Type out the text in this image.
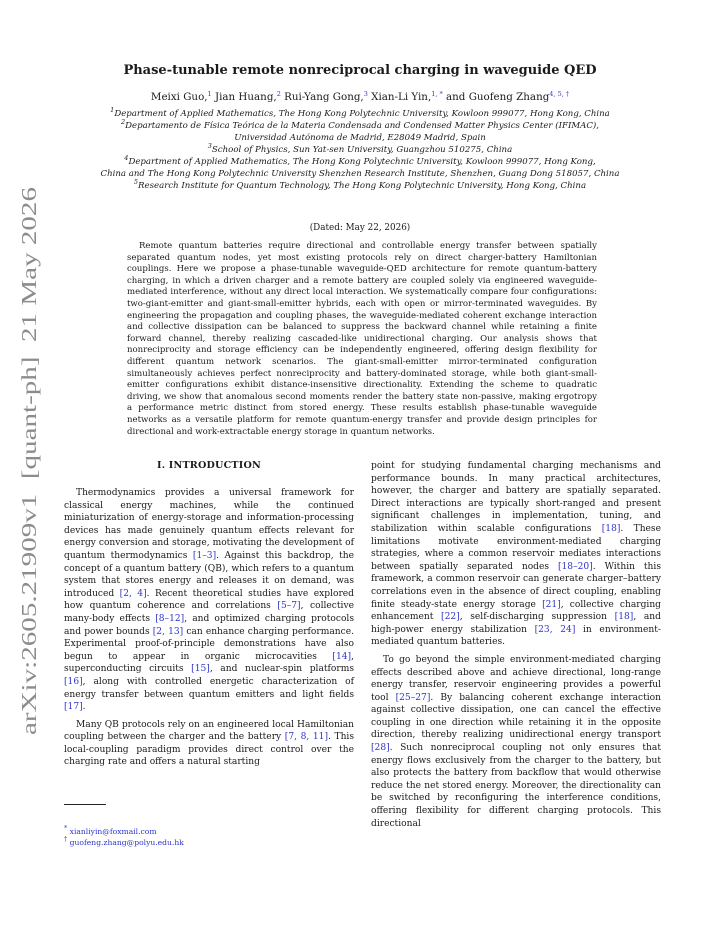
arXiv:2605.21909v1  [quant-ph]  21 May 2026
Phase-tunable remote nonreciprocal charging in waveguide QED
Meixi Guo,$^1$ Jian Huang,$^2$ Rui-Yang Gong,$^3$ Xian-Li Yin,$^{1, *}$ and Guofeng Zhang$^{4, 5, \dagger}$
$^1$Department of Applied Mathematics, The Hong Kong Polytechnic University, Kowloon 999077, Hong Kong, China
$^2$Departamento de Física Teórica de la Materia Condensada and Condensed Matter Physics Center (IFIMAC),
Universidad Autónoma de Madrid, E28049 Madrid, Spain
$^3$School of Physics, Sun Yat-sen University, Guangzhou 510275, China
$^4$Department of Applied Mathematics, The Hong Kong Polytechnic University, Kowloon 999077, Hong Kong,
China and The Hong Kong Polytechnic University Shenzhen Research Institute, Shenzhen, Guang Dong 518057, China
$^5$Research Institute for Quantum Technology, The Hong Kong Polytechnic University, Hong Kong, China
(Dated: May 22, 2026)
Remote quantum batteries require directional and controllable energy transfer between spatially separated quantum nodes, yet most existing protocols rely on direct charger-battery Hamiltonian couplings. Here we propose a phase-tunable waveguide-QED architecture for remote quantum-battery charging, in which a driven charger and a remote battery are coupled solely via engineered waveguide-mediated interference, without any direct local interaction. We systematically compare four configurations: two-giant-emitter and giant-small-emitter hybrids, each with open or mirror-terminated waveguides. By engineering the propagation and coupling phases, the waveguide-mediated coherent exchange interaction and collective dissipation can be balanced to suppress the backward channel while retaining a finite forward channel, thereby realizing cascaded-like unidirectional charging. Our analysis shows that nonreciprocity and storage efficiency can be independently engineered, offering design flexibility for different quantum network scenarios. The giant-small-emitter mirror-terminated configuration simultaneously achieves perfect nonreciprocity and battery-dominated storage, while both giant-small-emitter configurations exhibit distance-insensitive directionality. Extending the scheme to quadratic driving, we show that anomalous second moments render the battery state non-passive, making ergotropy a performance metric distinct from stored energy. These results establish phase-tunable waveguide networks as a versatile platform for remote quantum-energy transfer and provide design principles for directional and work-extractable energy storage in quantum networks.
I. INTRODUCTION

Thermodynamics provides a universal framework for classical energy machines, while the continued miniaturization of energy-storage and information-processing devices has made genuinely quantum effects relevant for energy conversion and storage, motivating the development of quantum thermodynamics [1–3]. Against this backdrop, the concept of a quantum battery (QB), which refers to a quantum system that stores energy and releases it on demand, was introduced [2, 4]. Recent theoretical studies have explored how quantum coherence and correlations [5–7], collective many-body effects [8–12], and optimized charging protocols and power bounds [2, 13] can enhance charging performance. Experimental proof-of-principle demonstrations have also begun to appear in organic microcavities [14], superconducting circuits [15], and nuclear-spin platforms [16], along with controlled energetic characterization of energy transfer between quantum emitters and light fields [17].

Many QB protocols rely on an engineered local Hamiltonian coupling between the charger and the battery [7, 8, 11]. This local-coupling paradigm provides direct control over the charging rate and offers a natural starting

point for studying fundamental charging mechanisms and performance bounds. In many practical architectures, however, the charger and battery are spatially separated. Direct interactions are typically short-ranged and present significant challenges in implementation, tuning, and stabilization within scalable configurations [18]. These limitations motivate environment-mediated charging strategies, where a common reservoir mediates interactions between spatially separated nodes [18–20]. Within this framework, a common reservoir can generate charger–battery correlations even in the absence of direct coupling, enabling finite steady-state energy storage [21], collective charging enhancement [22], self-discharging suppression [18], and high-power energy stabilization [23, 24] in environment-mediated quantum batteries.

To go beyond the simple environment-mediated charging effects described above and achieve directional, long-range energy transfer, reservoir engineering provides a powerful tool [25–27]. By balancing coherent exchange interaction against collective dissipation, one can cancel the effective coupling in one direction while retaining it in the opposite direction, thereby realizing unidirectional energy transport [28]. Such nonreciprocal coupling not only ensures that energy flows exclusively from the charger to the battery, but also protects the battery from backflow that would otherwise reduce the net stored energy. Moreover, the directionality can be switched by reconfiguring the interference conditions, offering flexibility for different charging protocols. This directional

* xianliyin@foxmail.com
† guofeng.zhang@polyu.edu.hk
